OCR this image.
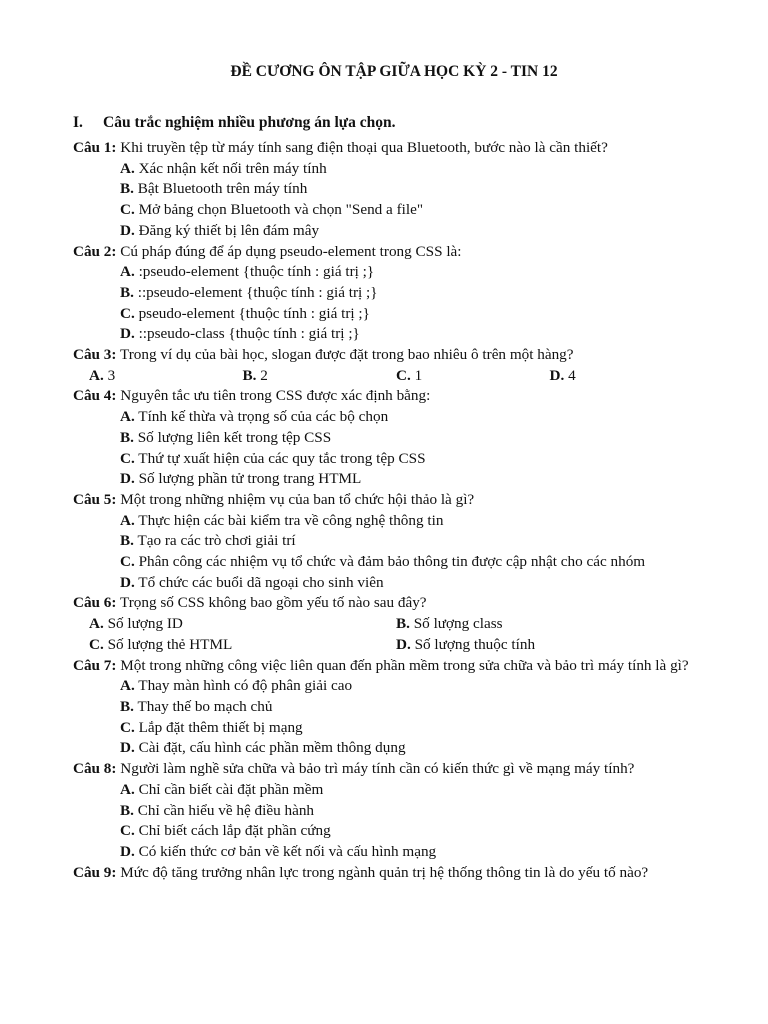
ĐỀ CƯƠNG ÔN TẬP GIỮA HỌC KỲ 2 - TIN 12
I.	Câu trắc nghiệm nhiều phương án lựa chọn.
Câu 1: Khi truyền tệp từ máy tính sang điện thoại qua Bluetooth, bước nào là cần thiết?
A. Xác nhận kết nối trên máy tính
B. Bật Bluetooth trên máy tính
C. Mở bảng chọn Bluetooth và chọn "Send a file"
D. Đăng ký thiết bị lên đám mây
Câu 2: Cú pháp đúng để áp dụng pseudo-element trong CSS là:
A. :pseudo-element {thuộc tính : giá trị ;}
B. ::pseudo-element {thuộc tính : giá trị ;}
C. pseudo-element {thuộc tính : giá trị ;}
D. ::pseudo-class {thuộc tính : giá trị ;}
Câu 3: Trong ví dụ của bài học, slogan được đặt trong bao nhiêu ô trên một hàng?
A. 3	B. 2	C. 1	D. 4
Câu 4: Nguyên tắc ưu tiên trong CSS được xác định bằng:
A. Tính kế thừa và trọng số của các bộ chọn
B. Số lượng liên kết trong tệp CSS
C. Thứ tự xuất hiện của các quy tắc trong tệp CSS
D. Số lượng phần tử trong trang HTML
Câu 5: Một trong những nhiệm vụ của ban tổ chức hội thảo là gì?
A. Thực hiện các bài kiểm tra về công nghệ thông tin
B. Tạo ra các trò chơi giải trí
C. Phân công các nhiệm vụ tổ chức và đảm bảo thông tin được cập nhật cho các nhóm
D. Tổ chức các buổi dã ngoại cho sinh viên
Câu 6: Trọng số CSS không bao gồm yếu tố nào sau đây?
A. Số lượng ID	B. Số lượng class
C. Số lượng thẻ HTML	D. Số lượng thuộc tính
Câu 7: Một trong những công việc liên quan đến phần mềm trong sửa chữa và bảo trì máy tính là gì?
A. Thay màn hình có độ phân giải cao
B. Thay thế bo mạch chủ
C. Lắp đặt thêm thiết bị mạng
D. Cài đặt, cấu hình các phần mềm thông dụng
Câu 8: Người làm nghề sửa chữa và bảo trì máy tính cần có kiến thức gì về mạng máy tính?
A. Chỉ cần biết cài đặt phần mềm
B. Chỉ cần hiểu về hệ điều hành
C. Chỉ biết cách lắp đặt phần cứng
D. Có kiến thức cơ bản về kết nối và cấu hình mạng
Câu 9: Mức độ tăng trưởng nhân lực trong ngành quản trị hệ thống thông tin là do yếu tố nào?
